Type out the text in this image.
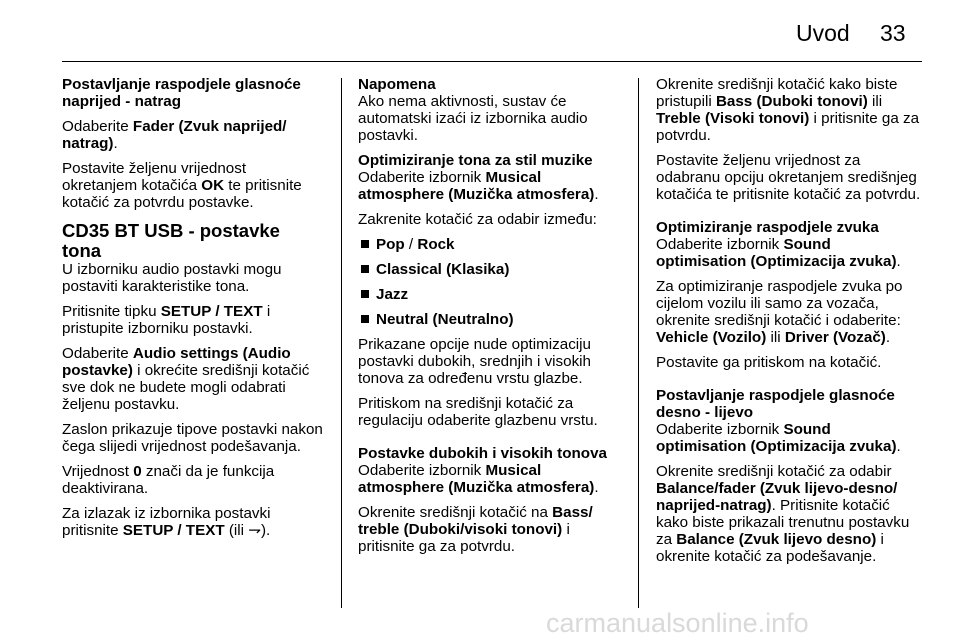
Uvod 33

Postavljanje raspodjele glasnoće naprijed - natrag

Odaberite Fader (Zvuk naprijed/ natrag).

Postavite željenu vrijednost okretanjem kotačića OK te pritisnite kotačić za potvrdu postavke.

CD35 BT USB - postavke tona

U izborniku audio postavki mogu postaviti karakteristike tona.

Pritisnite tipku SETUP / TEXT i pristupite izborniku postavki.

Odaberite Audio settings (Audio postavke) i okrećite središnji kotačić sve dok ne budete mogli odabrati željenu postavku.

Zaslon prikazuje tipove postavki nakon čega slijedi vrijednost podešavanja.

Vrijednost 0 znači da je funkcija deaktivirana.

Za izlazak iz izbornika postavki pritisnite SETUP / TEXT (ili ⇁).

Napomena

Ako nema aktivnosti, sustav će automatski izaći iz izbornika audio postavki.

Optimiziranje tona za stil muzike

Odaberite izbornik Musical atmosphere (Muzička atmosfera).

Zakrenite kotačić za odabir između:

Pop / Rock
Classical (Klasika)
Jazz
Neutral (Neutralno)

Prikazane opcije nude optimizaciju postavki dubokih, srednjih i visokih tonova za određenu vrstu glazbe.

Pritiskom na središnji kotačić za regulaciju odaberite glazbenu vrstu.

Postavke dubokih i visokih tonova

Odaberite izbornik Musical atmosphere (Muzička atmosfera).

Okrenite središnji kotačić na Bass/ treble (Duboki/visoki tonovi) i pritisnite ga za potvrdu.

Okrenite središnji kotačić kako biste pristupili Bass (Duboki tonovi) ili Treble (Visoki tonovi) i pritisnite ga za potvrdu.

Postavite željenu vrijednost za odabranu opciju okretanjem središnjeg kotačića te pritisnite kotačić za potvrdu.

Optimiziranje raspodjele zvuka

Odaberite izbornik Sound optimisation (Optimizacija zvuka).

Za optimiziranje raspodjele zvuka po cijelom vozilu ili samo za vozača, okrenite središnji kotačić i odaberite: Vehicle (Vozilo) ili Driver (Vozač).

Postavite ga pritiskom na kotačić.

Postavljanje raspodjele glasnoće desno - lijevo

Odaberite izbornik Sound optimisation (Optimizacija zvuka).

Okrenite središnji kotačić za odabir Balance/fader (Zvuk lijevo-desno/ naprijed-natrag). Pritisnite kotačić kako biste prikazali trenutnu postavku za Balance (Zvuk lijevo desno) i okrenite kotačić za podešavanje.

carmanualsonline.info
